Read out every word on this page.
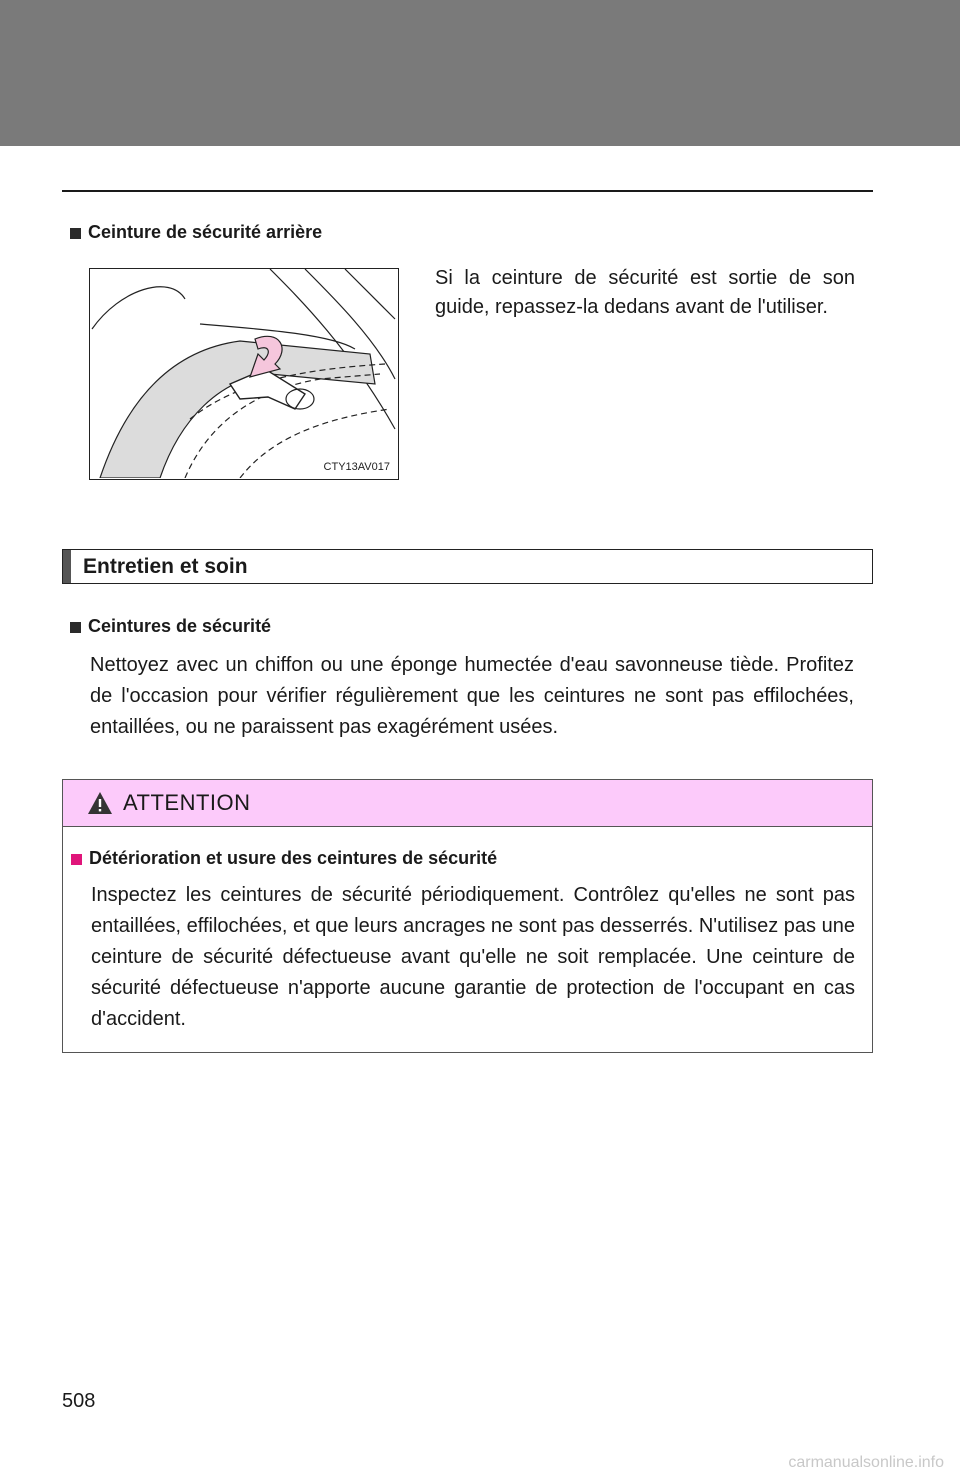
Ceinture de sécurité arrière
CTY13AV017
Si la ceinture de sécurité est sortie de son guide, repassez-la dedans avant de l'utiliser.
Entretien et soin
Ceintures de sécurité
Nettoyez avec un chiffon ou une éponge humectée d'eau savonneuse tiède. Profitez de l'occasion pour vérifier régulièrement que les ceintures ne sont pas effilochées, entaillées, ou ne paraissent pas exagérément usées.
ATTENTION
Détérioration et usure des ceintures de sécurité
Inspectez les ceintures de sécurité périodiquement. Contrôlez qu'elles ne sont pas entaillées, effilochées, et que leurs ancrages ne sont pas desserrés. N'utilisez pas une ceinture de sécurité défectueuse avant qu'elle ne soit remplacée. Une ceinture de sécurité défectueuse n'apporte aucune garantie de protection de l'occupant en cas d'accident.
508
carmanualsonline.info
